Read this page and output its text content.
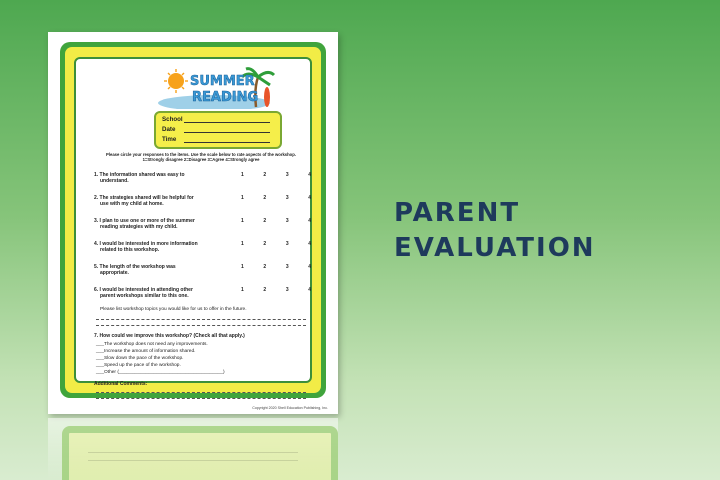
SUMMER
READING
School
Date
Time
Please circle your responses to the items. Use the scale below to rate aspects of the workshop.
1=Strongly disagree 2=Disagree 3=Agree 4=Strongly agree
1. The information shared was easy to
understand.
1	2	3	4
2. The strategies shared will be helpful for
use with my child at home.
1	2	3	4
3. I plan to use one or more of the summer
reading strategies with my child.
1	2	3	4
4. I would be interested in more information
related to this workshop.
1	2	3	4
5. The length of the workshop was
appropriate.
1	2	3	4
6. I would be interested in attending other
parent workshops similar to this one.
1	2	3	4
Please list workshop topics you would like for us to offer in the future.
7. How could we improve this workshop? (Check all that apply.)
___The workshop does not need any improvements.
___Increase the amount of information shared.
___Slow down the pace of the workshop.
___Speed up the pace of the workshop.
___Other (_______________________________________)
Additional Comments:
Copyright 2020 Shell Education Publishing, Inc.
PARENT
EVALUATION
